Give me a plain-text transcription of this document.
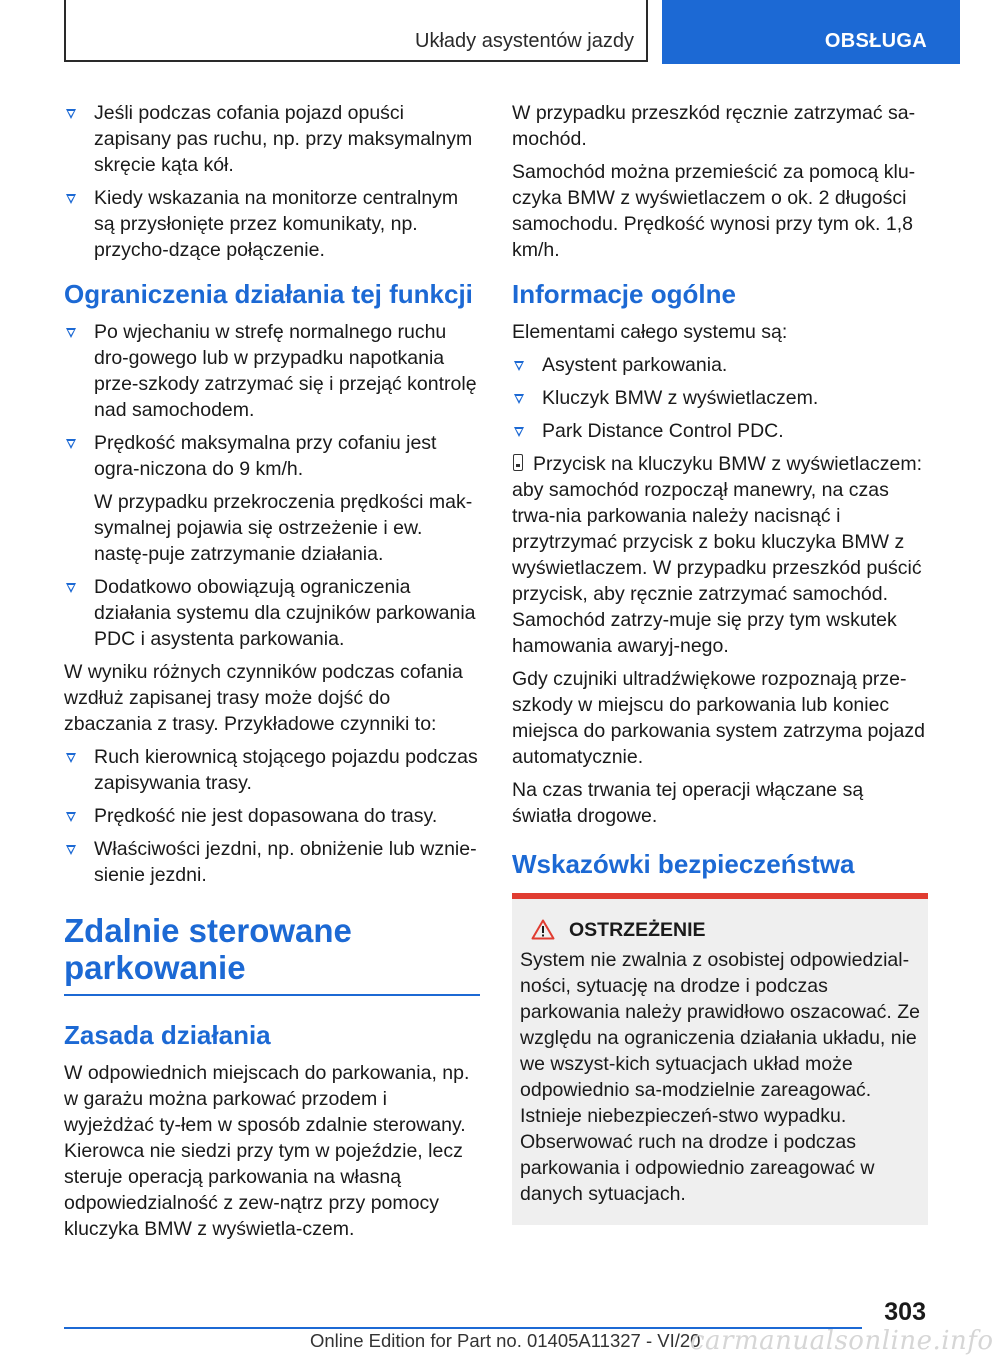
Układy asystentów jazdy	OBSŁUGA
Jeśli podczas cofania pojazd opuści zapisany pas ruchu, np. przy maksymalnym skręcie kąta kół.
Kiedy wskazania na monitorze centralnym są przysłonięte przez komunikaty, np. przycho‐dzące połączenie.
Ograniczenia działania tej funkcji
Po wjechaniu w strefę normalnego ruchu dro‐gowego lub w przypadku napotkania prze‐szkody zatrzymać się i przejąć kontrolę nad samochodem.
Prędkość maksymalna przy cofaniu jest ogra‐niczona do 9 km/h.
W przypadku przekroczenia prędkości mak‐symalnej pojawia się ostrzeżenie i ew. nastę‐puje zatrzymanie działania.
Dodatkowo obowiązują ograniczenia działania systemu dla czujników parkowania PDC i asystenta parkowania.

W wyniku różnych czynników podczas cofania wzdłuż zapisanej trasy może dojść do zbaczania z trasy. Przykładowe czynniki to:

Ruch kierownicą stojącego pojazdu podczas zapisywania trasy.
Prędkość nie jest dopasowana do trasy.
Właściwości jezdni, np. obniżenie lub wznie‐sienie jezdni.
Zdalnie sterowane parkowanie
Zasada działania

W odpowiednich miejscach do parkowania, np. w garażu można parkować przodem i wyjeżdżać ty‐łem w sposób zdalnie sterowany. Kierowca nie siedzi przy tym w pojeździe, lecz steruje operacją parkowania na własną odpowiedzialność z zew‐nątrz przy pomocy kluczyka BMW z wyświetla‐czem.

W przypadku przeszkód ręcznie zatrzymać sa‐mochód.

Samochód można przemieścić za pomocą klu‐czyka BMW z wyświetlaczem o ok. 2 długości samochodu. Prędkość wynosi przy tym ok. 1,8 km/h.

Informacje ogólne

Elementami całego systemu są:

Asystent parkowania.
Kluczyk BMW z wyświetlaczem.
Park Distance Control PDC.

Przycisk na kluczyku BMW z wyświetlaczem: aby samochód rozpoczął manewry, na czas trwa‐nia parkowania należy nacisnąć i przytrzymać przycisk z boku kluczyka BMW z wyświetlaczem. W przypadku przeszkód puścić przycisk, aby ręcznie zatrzymać samochód. Samochód zatrzy‐muje się przy tym wskutek hamowania awaryj‐nego.

Gdy czujniki ultradźwiękowe rozpoznają prze‐szkody w miejscu do parkowania lub koniec miejsca do parkowania system zatrzyma pojazd automatycznie.

Na czas trwania tej operacji włączane są światła drogowe.

Wskazówki bezpieczeństwa
OSTRZEŻENIE

System nie zwalnia z osobistej odpowiedzial‐ności, sytuację na drodze i podczas parkowania należy prawidłowo oszacować. Ze względu na ograniczenia działania układu, nie we wszyst‐kich sytuacjach układ może odpowiednio sa‐modzielnie zareagować. Istnieje niebezpieczeń‐stwo wypadku. Obserwować ruch na drodze i podczas parkowania i odpowiednio zareagować w danych sytuacjach.

303
Online Edition for Part no. 01405A11327 - VI/20
carmanualsonline.info
